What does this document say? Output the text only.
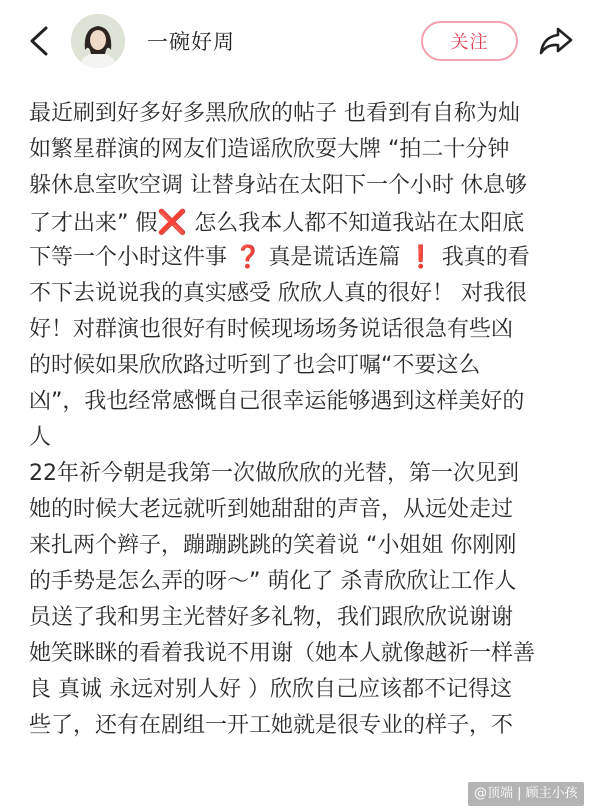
一碗好周	关注
最近刷到好多好多黑欣欣的帖子 也看到有自称为灿
如繁星群演的网友们造谣欣欣耍大牌 “拍二十分钟
躲休息室吹空调 让替身站在太阳下一个小时 休息够
了才出来” 假❌ 怎么我本人都不知道我站在太阳底
下等一个小时这件事 ❓ 真是谎话连篇 ❗ 我真的看
不下去说说我的真实感受 欣欣人真的很好！ 对我很
好！对群演也很好有时候现场场务说话很急有些凶
的时候如果欣欣路过听到了也会叮嘱“不要这么
凶”，我也经常感慨自己很幸运能够遇到这样美好的
人
22年祈今朝是我第一次做欣欣的光替，第一次见到
她的时候大老远就听到她甜甜的声音，从远处走过
来扎两个辫子，蹦蹦跳跳的笑着说 “小姐姐 你刚刚
的手势是怎么弄的呀～” 萌化了 杀青欣欣让工作人
员送了我和男主光替好多礼物，我们跟欣欣说谢谢
她笑眯眯的看着我说不用谢（她本人就像越祈一样善
良 真诚 永远对别人好 ）欣欣自己应该都不记得这
些了，还有在剧组一开工她就是很专业的样子，不
@顶端 | 顾主小孩
